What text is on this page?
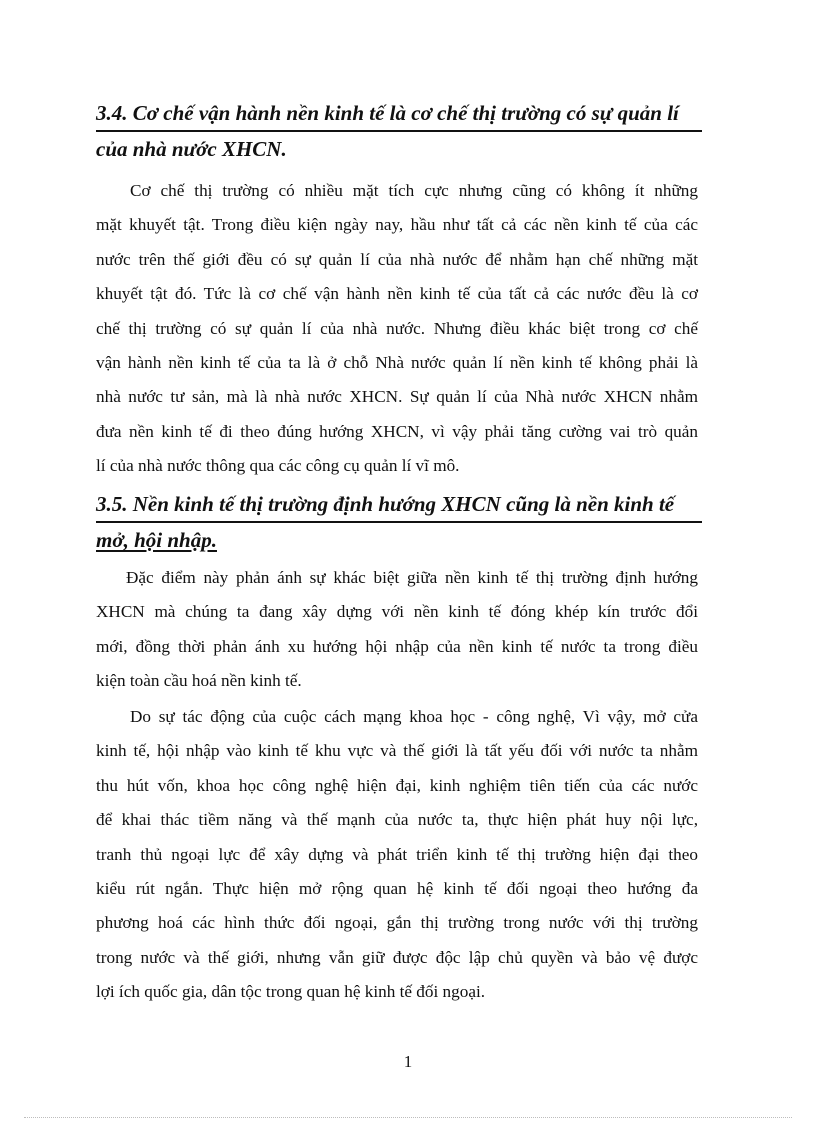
3.4. Cơ chế vận hành nền kinh tế là cơ chế thị trường có sự quản lí
của nhà nước XHCN.
Cơ chế thị trường có nhiều mặt tích cực nhưng cũng có không ít những
mặt khuyết tật. Trong điều kiện ngày nay, hầu như tất cả các nền kinh tế của các
nước trên thế giới đều có sự quản lí của nhà nước để nhằm hạn chế những mặt
khuyết tật đó. Tức là cơ chế vận hành nền kinh tế của tất cả các nước đều là cơ
chế thị trường có sự quản lí của nhà nước. Nhưng điều khác biệt trong cơ chế
vận hành nền kinh tế của ta là ở chỗ Nhà nước quản lí nền kinh tế không phải là
nhà nước tư sản, mà là nhà nước XHCN. Sự quản lí của Nhà nước XHCN nhằm
đưa nền kinh tế đi theo đúng hướng XHCN, vì vậy phải tăng cường vai trò quản
lí của nhà nước thông qua các công cụ quản lí vĩ mô.
3.5. Nền kinh tế thị trường định hướng XHCN cũng là nền kinh tế
mở, hội nhập.
Đặc điểm này phản ánh sự khác biệt giữa nền kinh tế thị trường định hướng
XHCN mà chúng ta đang xây dựng với nền kinh tế đóng khép kín trước đổi
mới, đồng thời phản ánh xu hướng hội nhập của nền kinh tế nước ta trong điều
kiện toàn cầu hoá nền kinh tế.
Do sự tác động của cuộc cách mạng khoa học - công nghệ, Vì vậy, mở cửa
kinh tế, hội nhập vào kinh tế khu vực và thế giới là tất yếu đối với nước ta nhằm
thu hút vốn, khoa học công nghệ hiện đại, kinh nghiệm tiên tiến của các nước
để khai thác tiềm năng và thế mạnh của nước ta, thực hiện phát huy nội lực,
tranh thủ ngoại lực để xây dựng và phát triển kinh tế thị trường hiện đại theo
kiểu rút ngắn. Thực hiện mở rộng quan hệ kinh tế đối ngoại theo hướng đa
phương hoá các hình thức đối ngoại, gắn thị trường trong nước với thị trường
trong nước và thế giới, nhưng vẫn giữ được độc lập chủ quyền và bảo vệ được
lợi ích quốc gia, dân tộc trong quan hệ kinh tế đối ngoại.
1
